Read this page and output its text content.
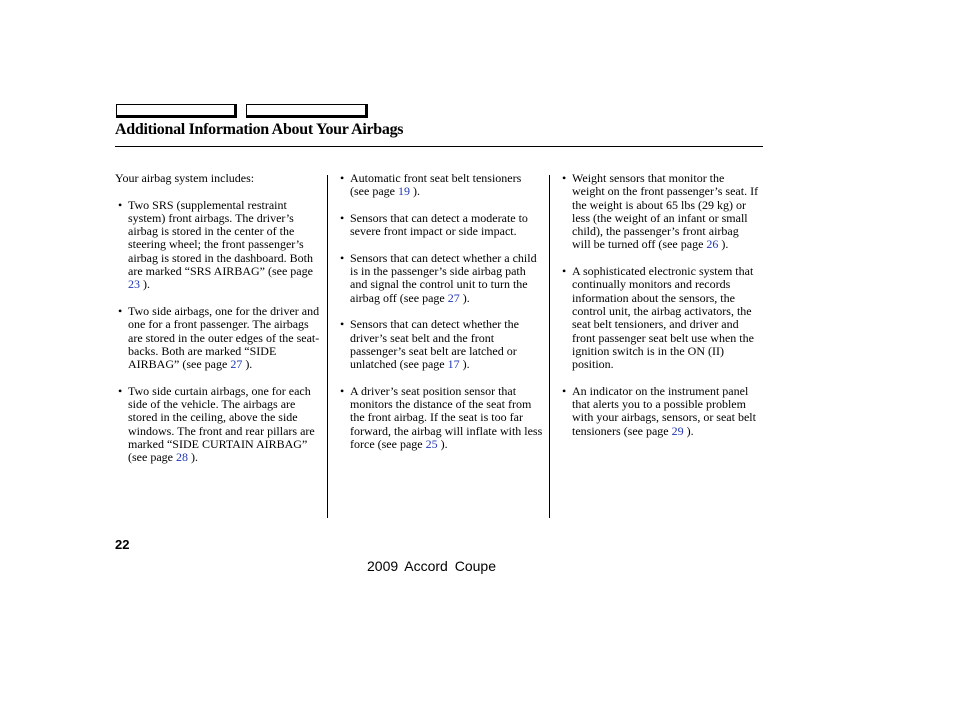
Additional Information About Your Airbags

Your airbag system includes:

• Two SRS (supplemental restraint system) front airbags. The driver’s airbag is stored in the center of the steering wheel; the front passenger’s airbag is stored in the dashboard. Both are marked “SRS AIRBAG” (see page 23 ).
• Two side airbags, one for the driver and one for a front passenger. The airbags are stored in the outer edges of the seat-backs. Both are marked “SIDE AIRBAG” (see page 27 ).
• Two side curtain airbags, one for each side of the vehicle. The airbags are stored in the ceiling, above the side windows. The front and rear pillars are marked “SIDE CURTAIN AIRBAG” (see page 28 ).
• Automatic front seat belt tensioners (see page 19 ).
• Sensors that can detect a moderate to severe front impact or side impact.
• Sensors that can detect whether a child is in the passenger’s side airbag path and signal the control unit to turn the airbag off (see page 27 ).
• Sensors that can detect whether the driver’s seat belt and the front passenger’s seat belt are latched or unlatched (see page 17 ).
• A driver’s seat position sensor that monitors the distance of the seat from the front airbag. If the seat is too far forward, the airbag will inflate with less force (see page 25 ).
• Weight sensors that monitor the weight on the front passenger’s seat. If the weight is about 65 lbs (29 kg) or less (the weight of an infant or small child), the passenger’s front airbag will be turned off (see page 26 ).
• A sophisticated electronic system that continually monitors and records information about the sensors, the control unit, the airbag activators, the seat belt tensioners, and driver and front passenger seat belt use when the ignition switch is in the ON (II) position.
• An indicator on the instrument panel that alerts you to a possible problem with your airbags, sensors, or seat belt tensioners (see page 29 ).
22
2009 Accord Coupe
